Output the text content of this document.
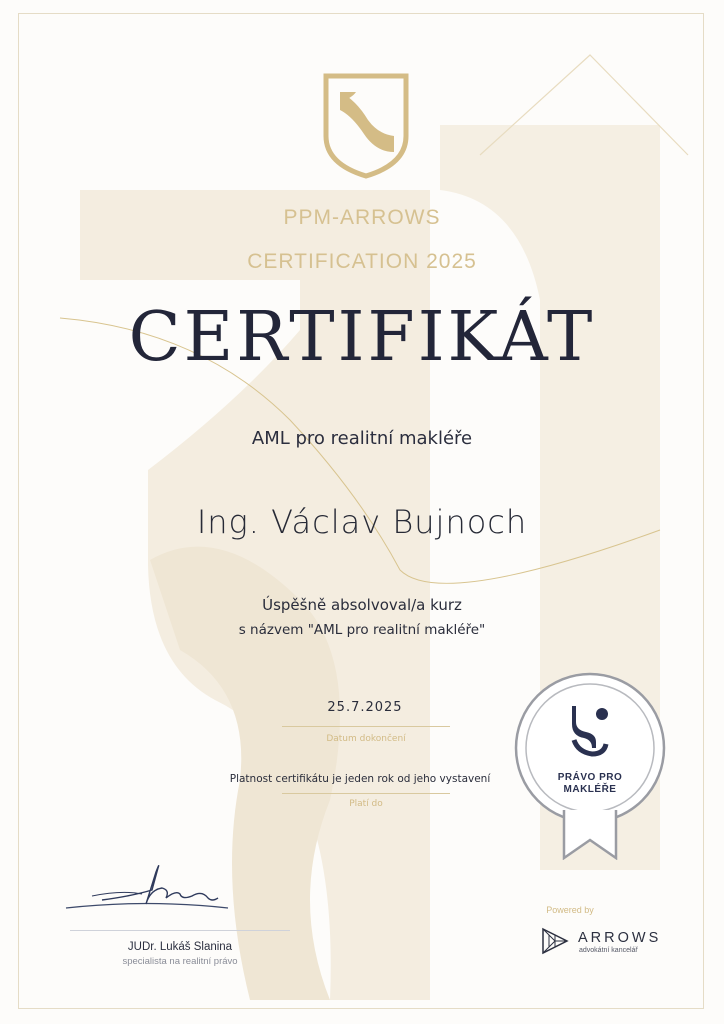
PPM-ARROWS
CERTIFICATION 2025
CERTIFIKÁT
AML pro realitní makléře
Ing. Václav Bujnoch
Úspěšně absolvoval/a kurz
s názvem "AML pro realitní makléře"
25.7.2025
Datum dokončení
Platnost certifikátu je jeden rok od jeho vystavení
Platí do
JUDr. Lukáš Slanina
specialista na realitní právo
PRÁVO PRO
MAKLÉŘE
Powered by
ARROWS
advokátní kancelář
